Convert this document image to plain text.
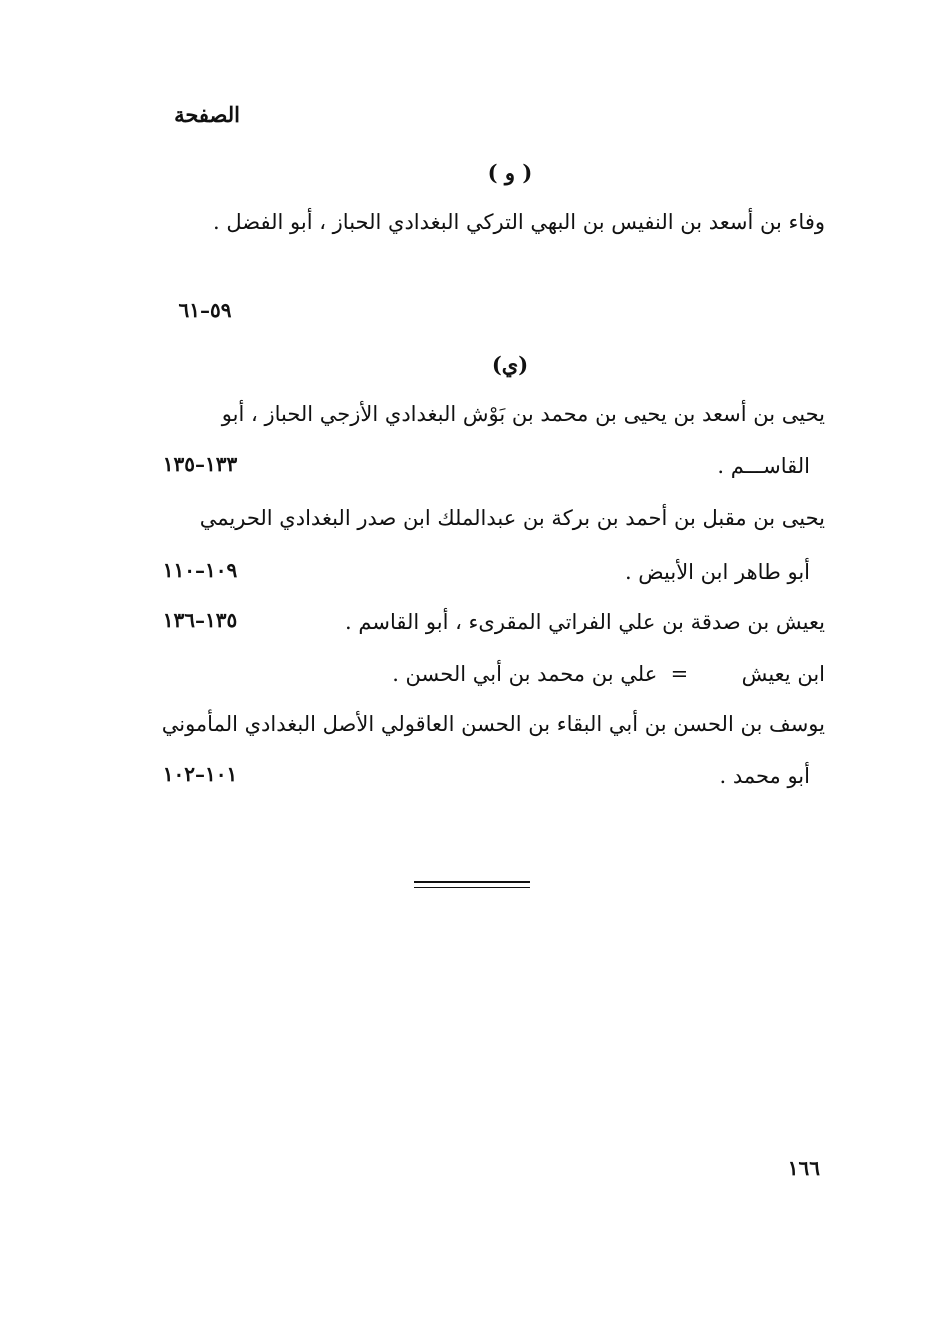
الصفحة
( و )
وفاء بن أسعد بن النفيس بن البهي التركي البغدادي الحباز ، أبو الفضل .
٥٩–٦١
(ي)
يحيى بن أسعد بن يحيى بن محمد بن بَوْش البغدادي الأزجي الحباز ، أبو
القاســـم .
١٣٣–١٣٥
يحيى بن مقبل بن أحمد بن بركة بن عبدالملك ابن صدر البغدادي الحريمي
أبو طاهر ابن الأبيض .
١٠٩–١١٠
يعيش بن صدقة بن علي الفراتي المقرىء ، أبو القاسم .
١٣٥–١٣٦
ابن يعيش        =  علي بن محمد بن أبي الحسن .
يوسف بن الحسن بن أبي البقاء بن الحسن العاقولي الأصل البغدادي المأموني
أبو محمد .
١٠١–١٠٢
١٦٦
